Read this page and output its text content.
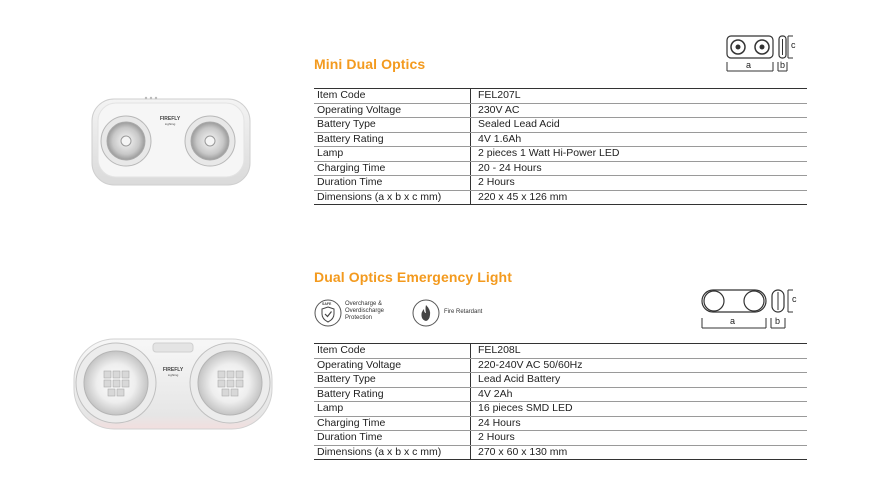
FIREFLY
Lighting
Mini Dual Optics	a	b
c
Item Code	FEL207L
Operating Voltage	230V AC
Battery Type	Sealed Lead Acid
Battery Rating	4V 1.6Ah
Lamp	2 pieces 1 Watt Hi-Power LED
Charging Time	20 - 24 Hours
Duration Time	2 Hours
Dimensions (a x b x c mm)	220 x 45 x 126 mm
FIREFLY
Lighting
Dual Optics Emergency Light
SAFE Overcharge &
Overdischarge
Protection
Fire Retardant
a	b
c
Item Code	FEL208L
Operating Voltage	220-240V AC 50/60Hz
Battery Type	Lead Acid Battery
Battery Rating	4V 2Ah
Lamp	16 pieces SMD LED
Charging Time	24 Hours
Duration Time	2 Hours
Dimensions (a x b x c mm)	270 x 60 x 130 mm
